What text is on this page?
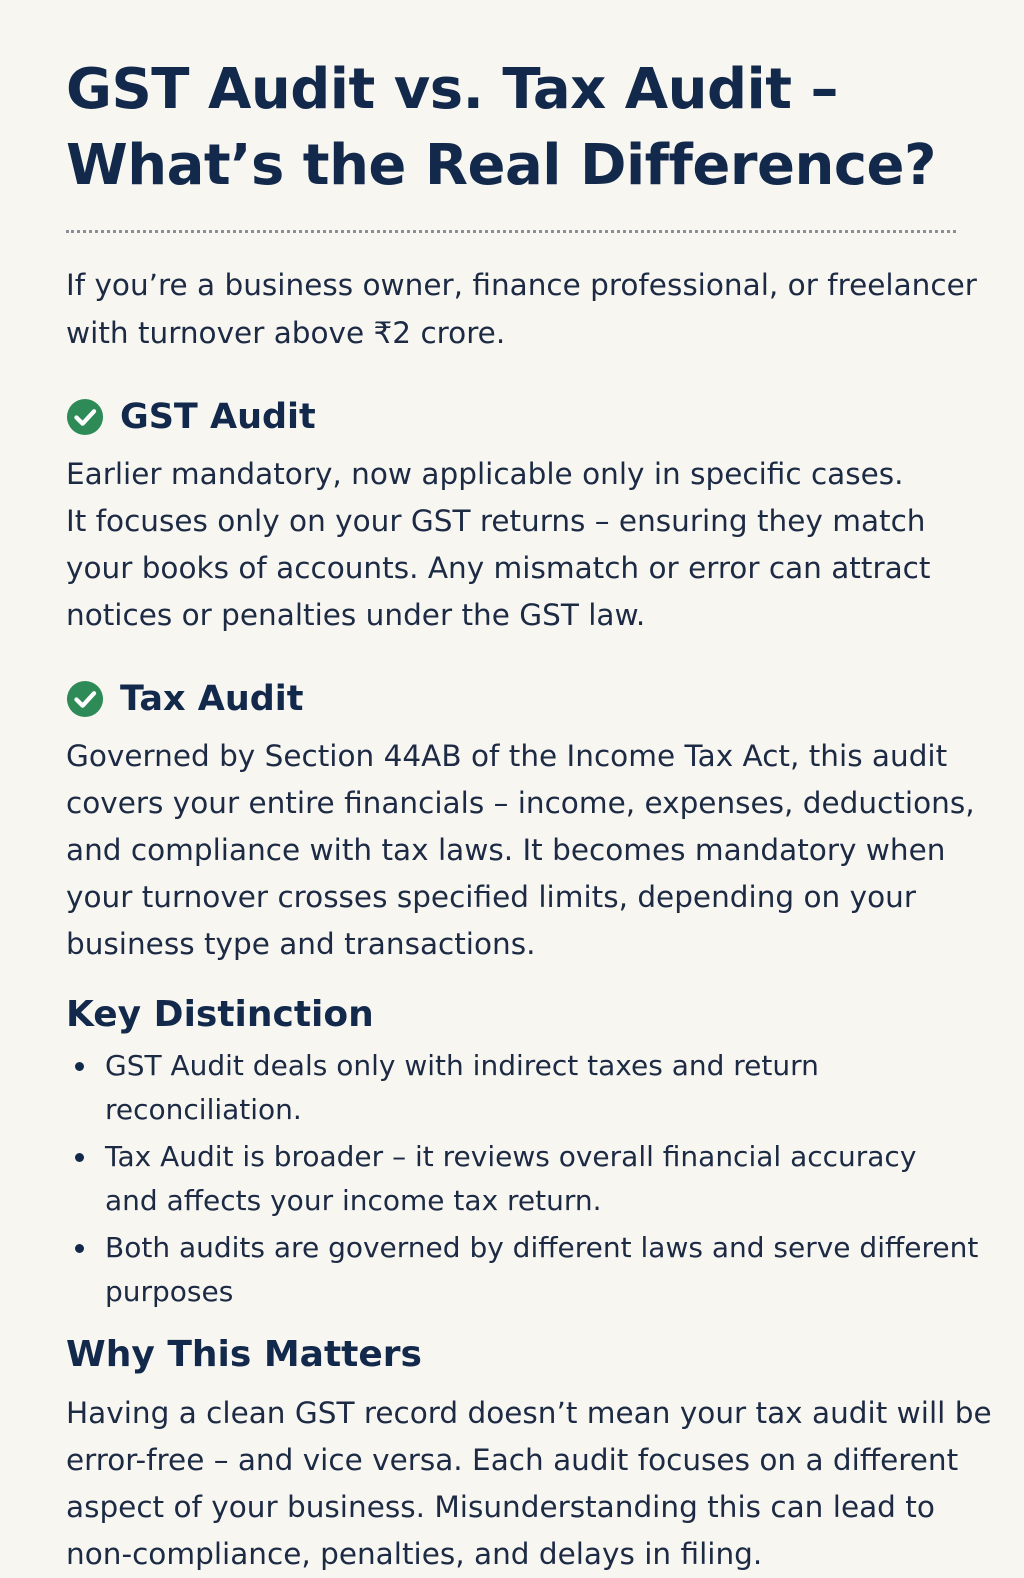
GST Audit vs. Tax Audit –
What’s the Real Difference?
If you’re a business owner, finance professional, or freelancer
with turnover above ₹2 crore.
GST Audit
Earlier mandatory, now applicable only in specific cases.
It focuses only on your GST returns – ensuring they match
your books of accounts. Any mismatch or error can attract
notices or penalties under the GST law.
Tax Audit
Governed by Section 44AB of the Income Tax Act, this audit
covers your entire financials – income, expenses, deductions,
and compliance with tax laws. It becomes mandatory when
your turnover crosses specified limits, depending on your
business type and transactions.
Key Distinction
GST Audit deals only with indirect taxes and return reconciliation.
Tax Audit is broader – it reviews overall financial accuracy
and affects your income tax return.
Both audits are governed by different laws and serve different
purposes
Why This Matters
Having a clean GST record doesn’t mean your tax audit will be
error-free – and vice versa. Each audit focuses on a different
aspect of your business. Misunderstanding this can lead to
non-compliance, penalties, and delays in filing.
